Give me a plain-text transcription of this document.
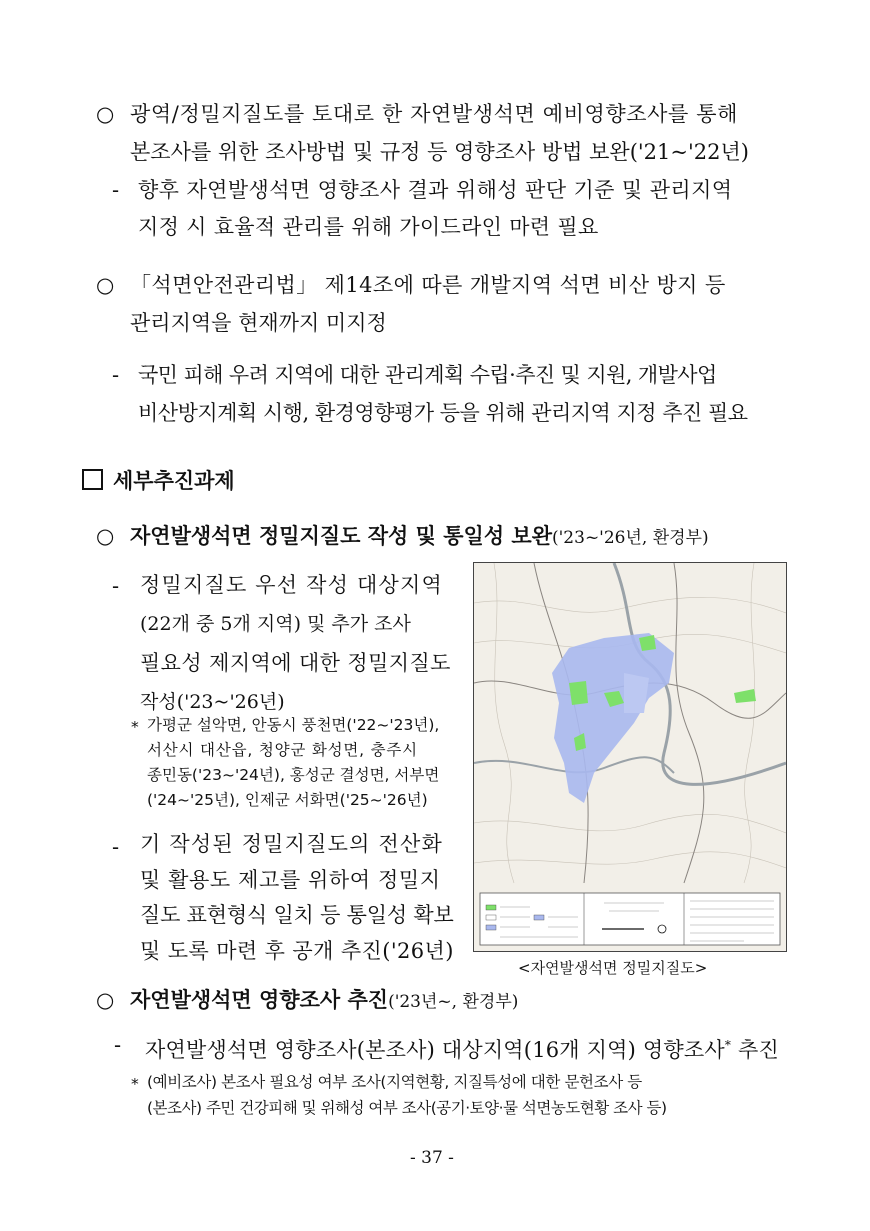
○ 광역/정밀지질도를 토대로 한 자연발생석면 예비영향조사를 통해
본조사를 위한 조사방법 및 규정 등 영향조사 방법 보완('21~'22년)
- 향후 자연발생석면 영향조사 결과 위해성 판단 기준 및 관리지역
지정 시 효율적 관리를 위해 가이드라인 마련 필요
○ 「석면안전관리법」 제14조에 따른 개발지역 석면 비산 방지 등
관리지역을 현재까지 미지정
- 국민 피해 우려 지역에 대한 관리계획 수립·추진 및 지원, 개발사업
비산방지계획 시행, 환경영향평가 등을 위해 관리지역 지정 추진 필요
세부추진과제
○ 자연발생석면 정밀지질도 작성 및 통일성 보완('23~'26년, 환경부)
- 정밀지질도 우선 작성 대상지역
(22개 중 5개 지역) 및 추가 조사
필요성 제지역에 대한 정밀지질도
작성('23~'26년)
* 가평군 설악면, 안동시 풍천면('22~'23년),
서산시 대산읍, 청양군 화성면, 충주시
종민동('23~'24년), 홍성군 결성면, 서부면
('24~'25년), 인제군 서화면('25~'26년)
- 기 작성된 정밀지질도의 전산화
및 활용도 제고를 위하여 정밀지
질도 표현형식 일치 등 통일성 확보
및 도록 마련 후 공개 추진('26년)
<자연발생석면 정밀지질도>
○ 자연발생석면 영향조사 추진('23년~, 환경부)
- 자연발생석면 영향조사(본조사) 대상지역(16개 지역) 영향조사* 추진
* (예비조사) 본조사 필요성 여부 조사(지역현황, 지질특성에 대한 문헌조사 등
(본조사) 주민 건강피해 및 위해성 여부 조사(공기·토양·물 석면농도현황 조사 등)
- 37 -
